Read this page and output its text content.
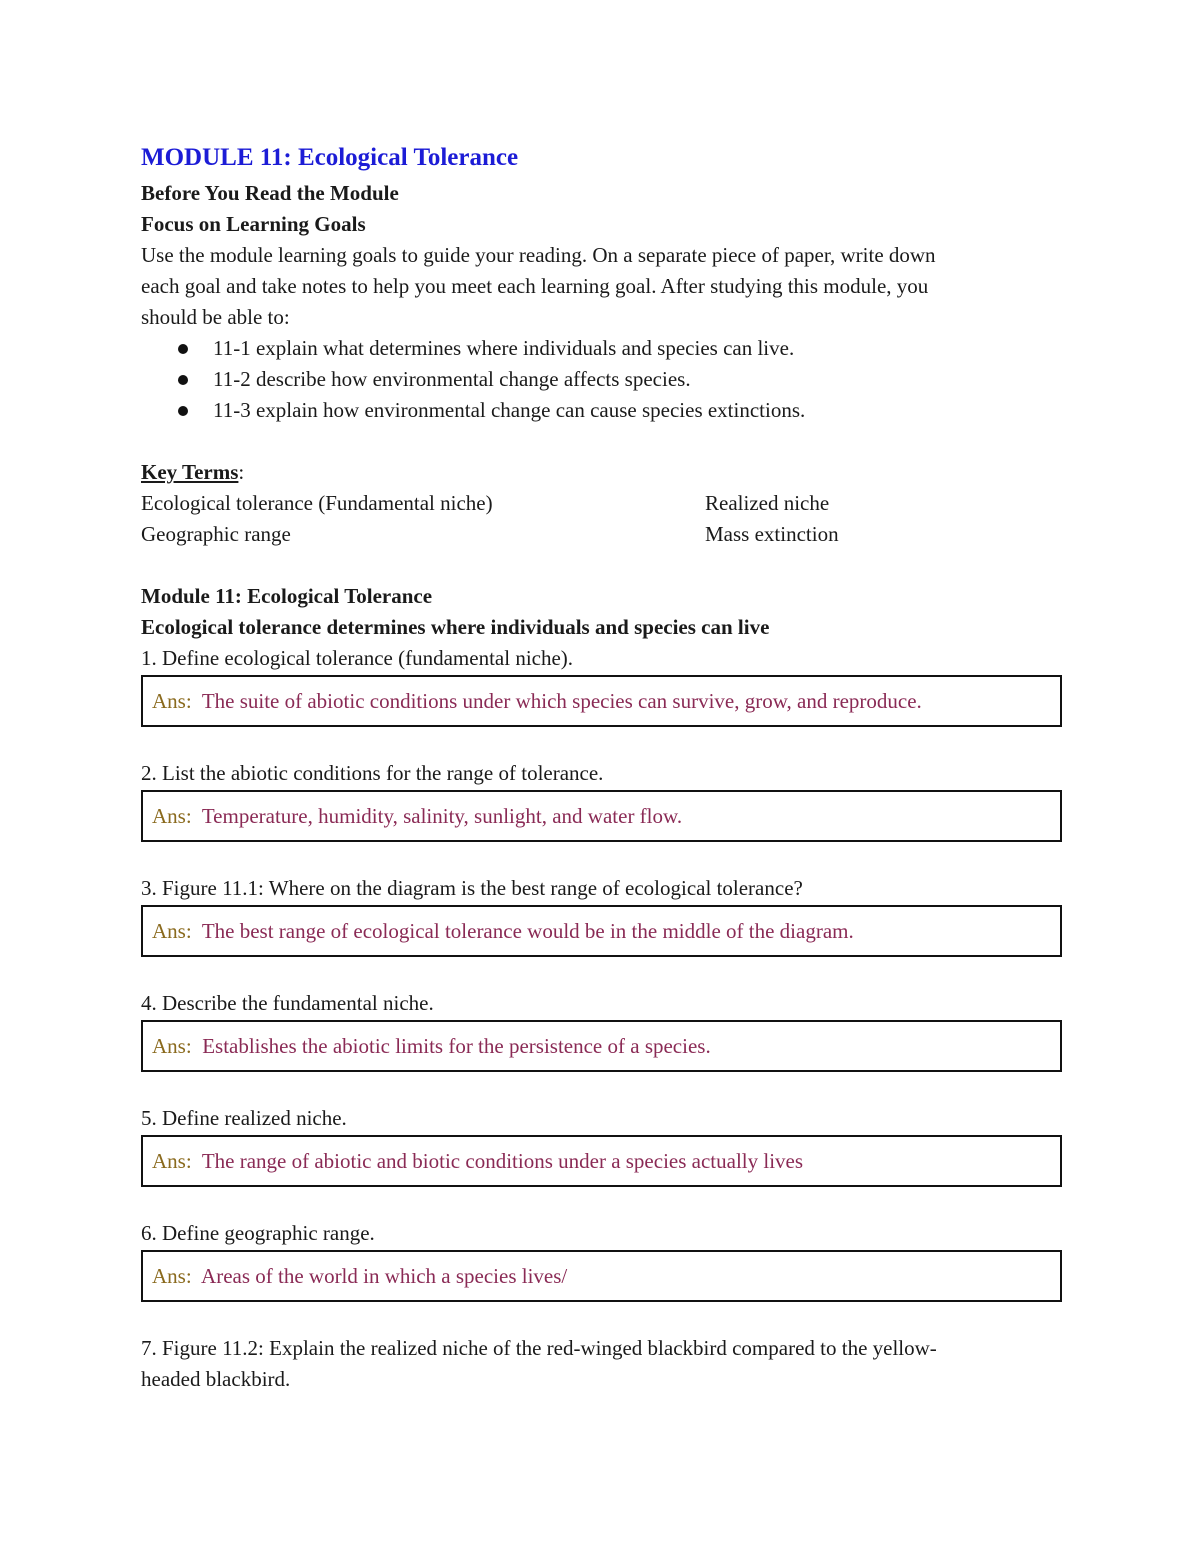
MODULE 11: Ecological Tolerance
Before You Read the Module
Focus on Learning Goals

Use the module learning goals to guide your reading. On a separate piece of paper, write down

each goal and take notes to help you meet each learning goal. After studying this module, you

should be able to:

11-1 explain what determines where individuals and species can live.
11-2 describe how environmental change affects species.
11-3 explain how environmental change can cause species extinctions.
Key Terms:
Ecological tolerance (Fundamental niche)	Realized niche
Geographic range	Mass extinction
Module 11: Ecological Tolerance
Ecological tolerance determines where individuals and species can live

1. Define ecological tolerance (fundamental niche).

Ans: The suite of abiotic conditions under which species can survive, grow, and reproduce.

2. List the abiotic conditions for the range of tolerance.

Ans: Temperature, humidity, salinity, sunlight, and water flow.

3. Figure 11.1: Where on the diagram is the best range of ecological tolerance?

Ans: The best range of ecological tolerance would be in the middle of the diagram.

4. Describe the fundamental niche.

Ans: Establishes the abiotic limits for the persistence of a species.

5. Define realized niche.

Ans: The range of abiotic and biotic conditions under a species actually lives

6. Define geographic range.

Ans: Areas of the world in which a species lives/

7. Figure 11.2: Explain the realized niche of the red-winged blackbird compared to the yellow-

headed blackbird.
